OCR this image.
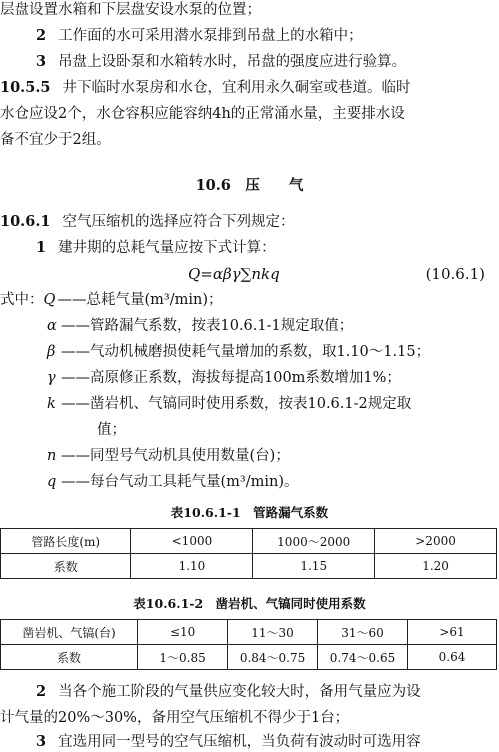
层盘设置水箱和下层盘安设水泵的位置；
2 工作面的水可采用潜水泵排到吊盘上的水箱中；
3 吊盘上设卧泵和水箱转水时，吊盘的强度应进行验算。
10.5.5 井下临时水泵房和水仓，宜利用永久硐室或巷道。临时
水仓应设2个，水仓容积应能容纳4h的正常涌水量，主要排水设
备不宜少于2组。
10.6　压　　气
10.6.1 空气压缩机的选择应符合下列规定：
1 建井期的总耗气量应按下式计算：
Q=αβγ∑nkq	(10.6.1)
式中：Q ——总耗气量(m³/min)；
α ——管路漏气系数，按表10.6.1-1规定取值；
β ——气动机械磨损使耗气量增加的系数，取1.10～1.15；
γ ——高原修正系数，海拔每提高100m系数增加1%；
k ——凿岩机、气镐同时使用系数，按表10.6.1-2规定取
值；
n ——同型号气动机具使用数量(台)；
q ——每台气动工具耗气量(m³/min)。
表10.6.1-1　管路漏气系数
管路长度(m)	<1000	1000～2000	>2000
系数	1.10	1.15	1.20
表10.6.1-2　凿岩机、气镐同时使用系数
凿岩机、气镐(台)	≤10	11～30	31～60	>61
系数	1～0.85	0.84～0.75	0.74～0.65	0.64
2 当各个施工阶段的气量供应变化较大时，备用气量应为设
计气量的20%～30%，备用空气压缩机不得少于1台；
3 宜选用同一型号的空气压缩机，当负荷有波动时可选用容
